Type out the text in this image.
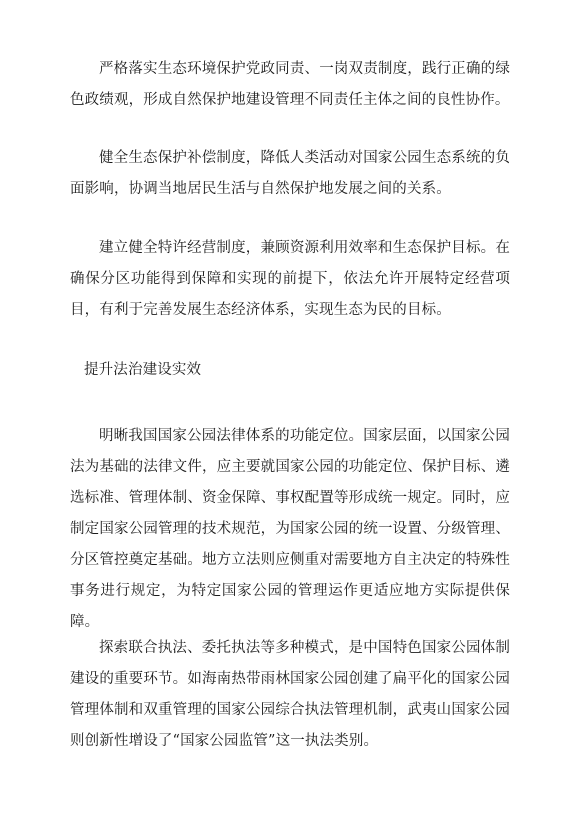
严格落实生态环境保护党政同责、一岗双责制度，践行正确的绿色政绩观，形成自然保护地建设管理不同责任主体之间的良性协作。

健全生态保护补偿制度，降低人类活动对国家公园生态系统的负面影响，协调当地居民生活与自然保护地发展之间的关系。

建立健全特许经营制度，兼顾资源利用效率和生态保护目标。在确保分区功能得到保障和实现的前提下，依法允许开展特定经营项目，有利于完善发展生态经济体系，实现生态为民的目标。

提升法治建设实效

明晰我国国家公园法律体系的功能定位。国家层面，以国家公园法为基础的法律文件，应主要就国家公园的功能定位、保护目标、遴选标准、管理体制、资金保障、事权配置等形成统一规定。同时，应制定国家公园管理的技术规范，为国家公园的统一设置、分级管理、分区管控奠定基础。地方立法则应侧重对需要地方自主决定的特殊性事务进行规定，为特定国家公园的管理运作更适应地方实际提供保障。

探索联合执法、委托执法等多种模式，是中国特色国家公园体制建设的重要环节。如海南热带雨林国家公园创建了扁平化的国家公园管理体制和双重管理的国家公园综合执法管理机制，武夷山国家公园则创新性增设了“国家公园监管”这一执法类别。
